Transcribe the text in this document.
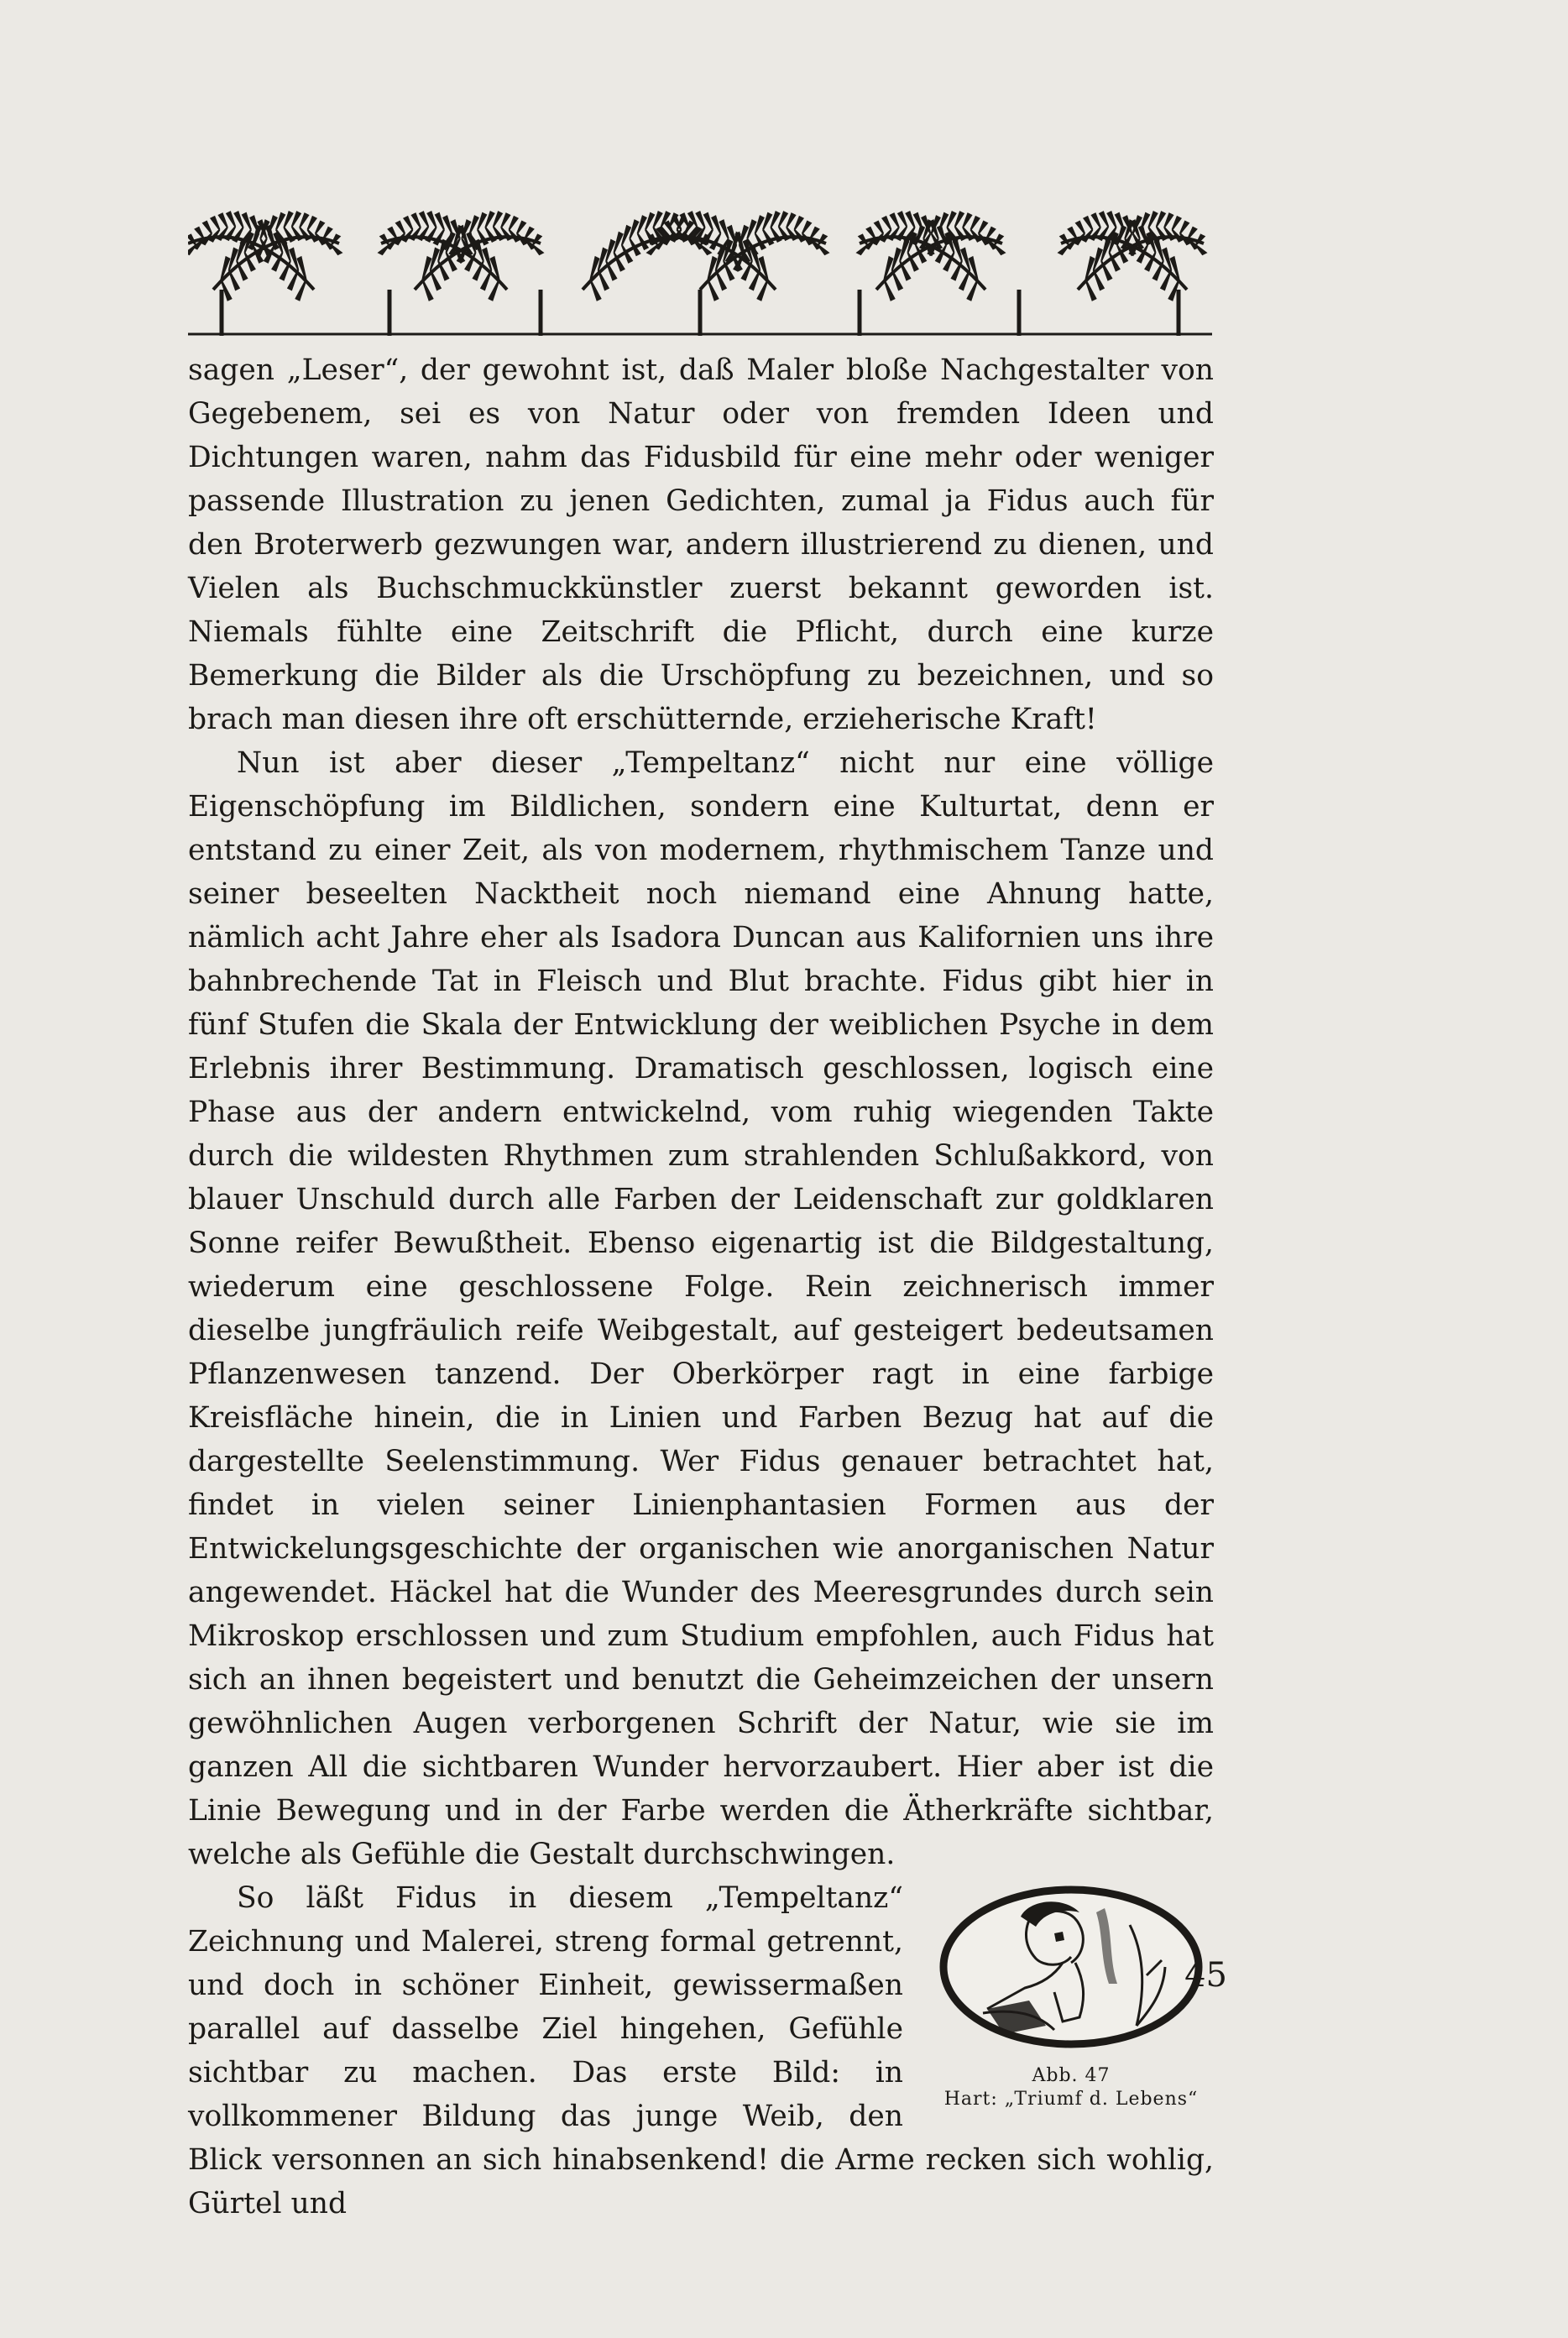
sagen „Leser“, der gewohnt ist, daß Maler bloße Nachgestalter von Gegebenem, sei es von Natur oder von fremden Ideen und Dichtungen waren, nahm das Fidusbild für eine mehr oder weniger passende Illustration zu jenen Gedichten, zumal ja Fidus auch für den Broterwerb gezwungen war, andern illustrierend zu dienen, und Vielen als Buchschmuckkünstler zuerst bekannt geworden ist. Niemals fühlte eine Zeitschrift die Pflicht, durch eine kurze Bemerkung die Bilder als die Urschöpfung zu bezeichnen, und so brach man diesen ihre oft erschütternde, erzieherische Kraft!

Nun ist aber dieser „Tempeltanz“ nicht nur eine völlige Eigenschöpfung im Bildlichen, sondern eine Kulturtat, denn er entstand zu einer Zeit, als von modernem, rhythmischem Tanze und seiner beseelten Nacktheit noch niemand eine Ahnung hatte, nämlich acht Jahre eher als Isadora Duncan aus Kalifornien uns ihre bahnbrechende Tat in Fleisch und Blut brachte. Fidus gibt hier in fünf Stufen die Skala der Entwicklung der weiblichen Psyche in dem Erlebnis ihrer Bestimmung. Dramatisch geschlossen, logisch eine Phase aus der andern entwickelnd, vom ruhig wiegenden Takte durch die wildesten Rhythmen zum strahlenden Schlußakkord, von blauer Unschuld durch alle Farben der Leidenschaft zur goldklaren Sonne reifer Bewußtheit. Ebenso eigenartig ist die Bildgestaltung, wiederum eine geschlossene Folge. Rein zeichnerisch immer dieselbe jungfräulich reife Weibgestalt, auf gesteigert bedeutsamen Pflanzenwesen tanzend. Der Oberkörper ragt in eine farbige Kreisfläche hinein, die in Linien und Farben Bezug hat auf die dargestellte Seelenstimmung. Wer Fidus genauer betrachtet hat, findet in vielen seiner Linienphantasien Formen aus der Entwickelungsgeschichte der organischen wie anorganischen Natur angewendet. Häckel hat die Wunder des Meeresgrundes durch sein Mikroskop erschlossen und zum Studium empfohlen, auch Fidus hat sich an ihnen begeistert und benutzt die Geheimzeichen der unsern gewöhnlichen Augen verborgenen Schrift der Natur, wie sie im ganzen All die sichtbaren Wunder hervorzaubert. Hier aber ist die Linie Bewegung und in der Farbe werden die Ätherkräfte sichtbar, welche als Gefühle die Gestalt durchschwingen.

Abb. 47
Hart: „Triumf d. Lebens“

So läßt Fidus in diesem „Tempeltanz“ Zeichnung und Malerei, streng formal getrennt, und doch in schöner Einheit, gewissermaßen parallel auf dasselbe Ziel hingehen, Gefühle sichtbar zu machen. Das erste Bild: in vollkommener Bildung das junge Weib, den Blick versonnen an sich hinabsenkend! die Arme recken sich wohlig, Gürtel und

45
